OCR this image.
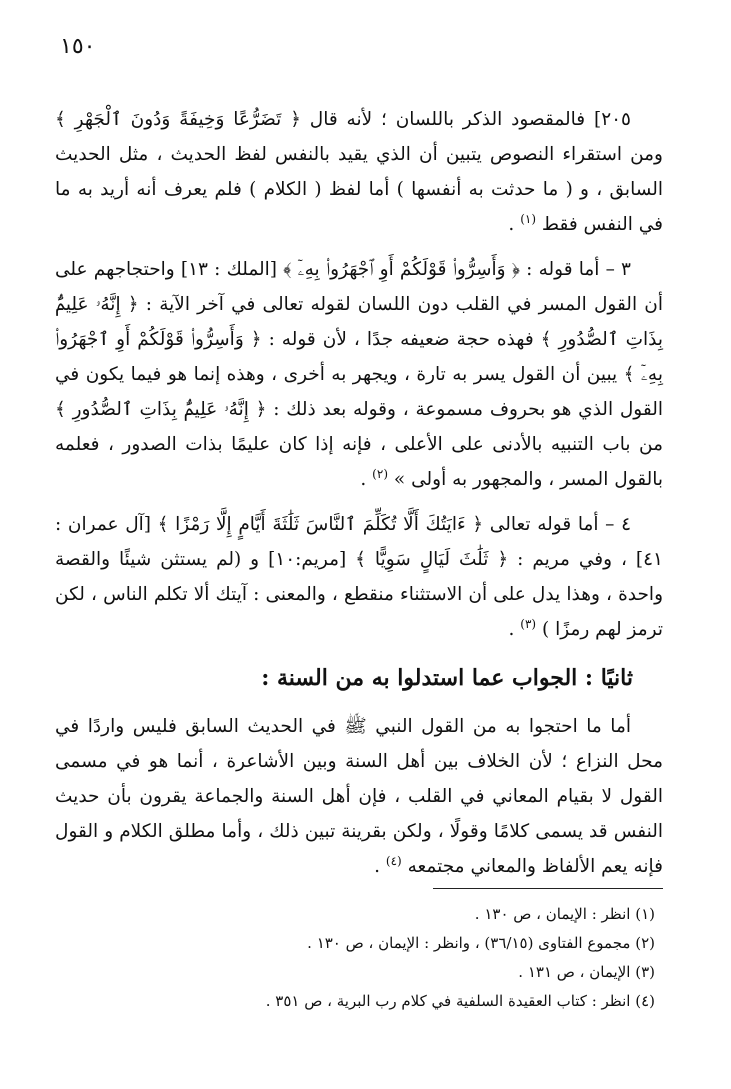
١٥٠

٢٠٥] فالمقصود الذكر باللسان ؛ لأنه قال ﴿ تَضَرُّعًا وَخِيفَةً وَدُونَ ٱلْجَهْرِ ﴾ ومن استقراء النصوص يتبين أن الذي يقيد بالنفس لفظ الحديث ، مثل الحديث السابق ، و ( ما حدثت به أنفسها ) أما لفظ ( الكلام ) فلم يعرف أنه أريد به ما في النفس فقط $^{(١)}$ .

٣ – أما قوله : ﴿ وَأَسِرُّوا۟ قَوْلَكُمْ أَوِ ٱجْهَرُوا۟ بِهِۦٓ ﴾ [الملك : ١٣] واحتجاجهم على أن القول المسر في القلب دون اللسان لقوله تعالى في آخر الآية : ﴿ إِنَّهُۥ عَلِيمٌۢ بِذَاتِ ٱلصُّدُورِ ﴾ فهذه حجة ضعيفه جدًا ، لأن قوله : ﴿ وَأَسِرُّوا۟ قَوْلَكُمْ أَوِ ٱجْهَرُوا۟ بِهِۦٓ ﴾ يبين أن القول يسر به تارة ، ويجهر به أخرى ، وهذه إنما هو فيما يكون في القول الذي هو بحروف مسموعة ، وقوله بعد ذلك : ﴿ إِنَّهُۥ عَلِيمٌۢ بِذَاتِ ٱلصُّدُورِ ﴾ من باب التنبيه بالأدنى على الأعلى ، فإنه إذا كان عليمًا بذات الصدور ، فعلمه بالقول المسر ، والمجهور به أولى » $^{(٢)}$ .

٤ – أما قوله تعالى ﴿ ءَايَتُكَ أَلَّا تُكَلِّمَ ٱلنَّاسَ ثَلَٰثَةَ أَيَّامٍ إِلَّا رَمْزًا ﴾ [آل عمران : ٤١] ، وفي مريم : ﴿ ثَلَٰثَ لَيَالٍ سَوِيًّا ﴾ [مريم:١٠] و (لم يستثن شيئًا والقصة واحدة ، وهذا يدل على أن الاستثناء منقطع ، والمعنى : آيتك ألا تكلم الناس ، لكن ترمز لهم رمزًا ) $^{(٣)}$ .

ثانيًا : الجواب عما استدلوا به من السنة :

أما ما احتجوا به من القول النبي ﷺ في الحديث السابق فليس واردًا في محل النزاع ؛ لأن الخلاف بين أهل السنة وبين الأشاعرة ، أنما هو في مسمى القول لا بقيام المعاني في القلب ، فإن أهل السنة والجماعة يقرون بأن حديث النفس قد يسمى كلامًا وقولًا ، ولكن بقرينة تبين ذلك ، وأما مطلق الكلام و القول فإنه يعم الألفاظ والمعاني مجتمعه $^{(٤)}$ .

(١) انظر : الإيمان ، ص ١٣٠ .

(٢) مجموع الفتاوى (٣٦/١٥) ، وانظر : الإيمان ، ص ١٣٠ .

(٣) الإيمان ، ص ١٣١ .

(٤) انظر : كتاب العقيدة السلفية في كلام رب البرية ، ص ٣٥١ .
